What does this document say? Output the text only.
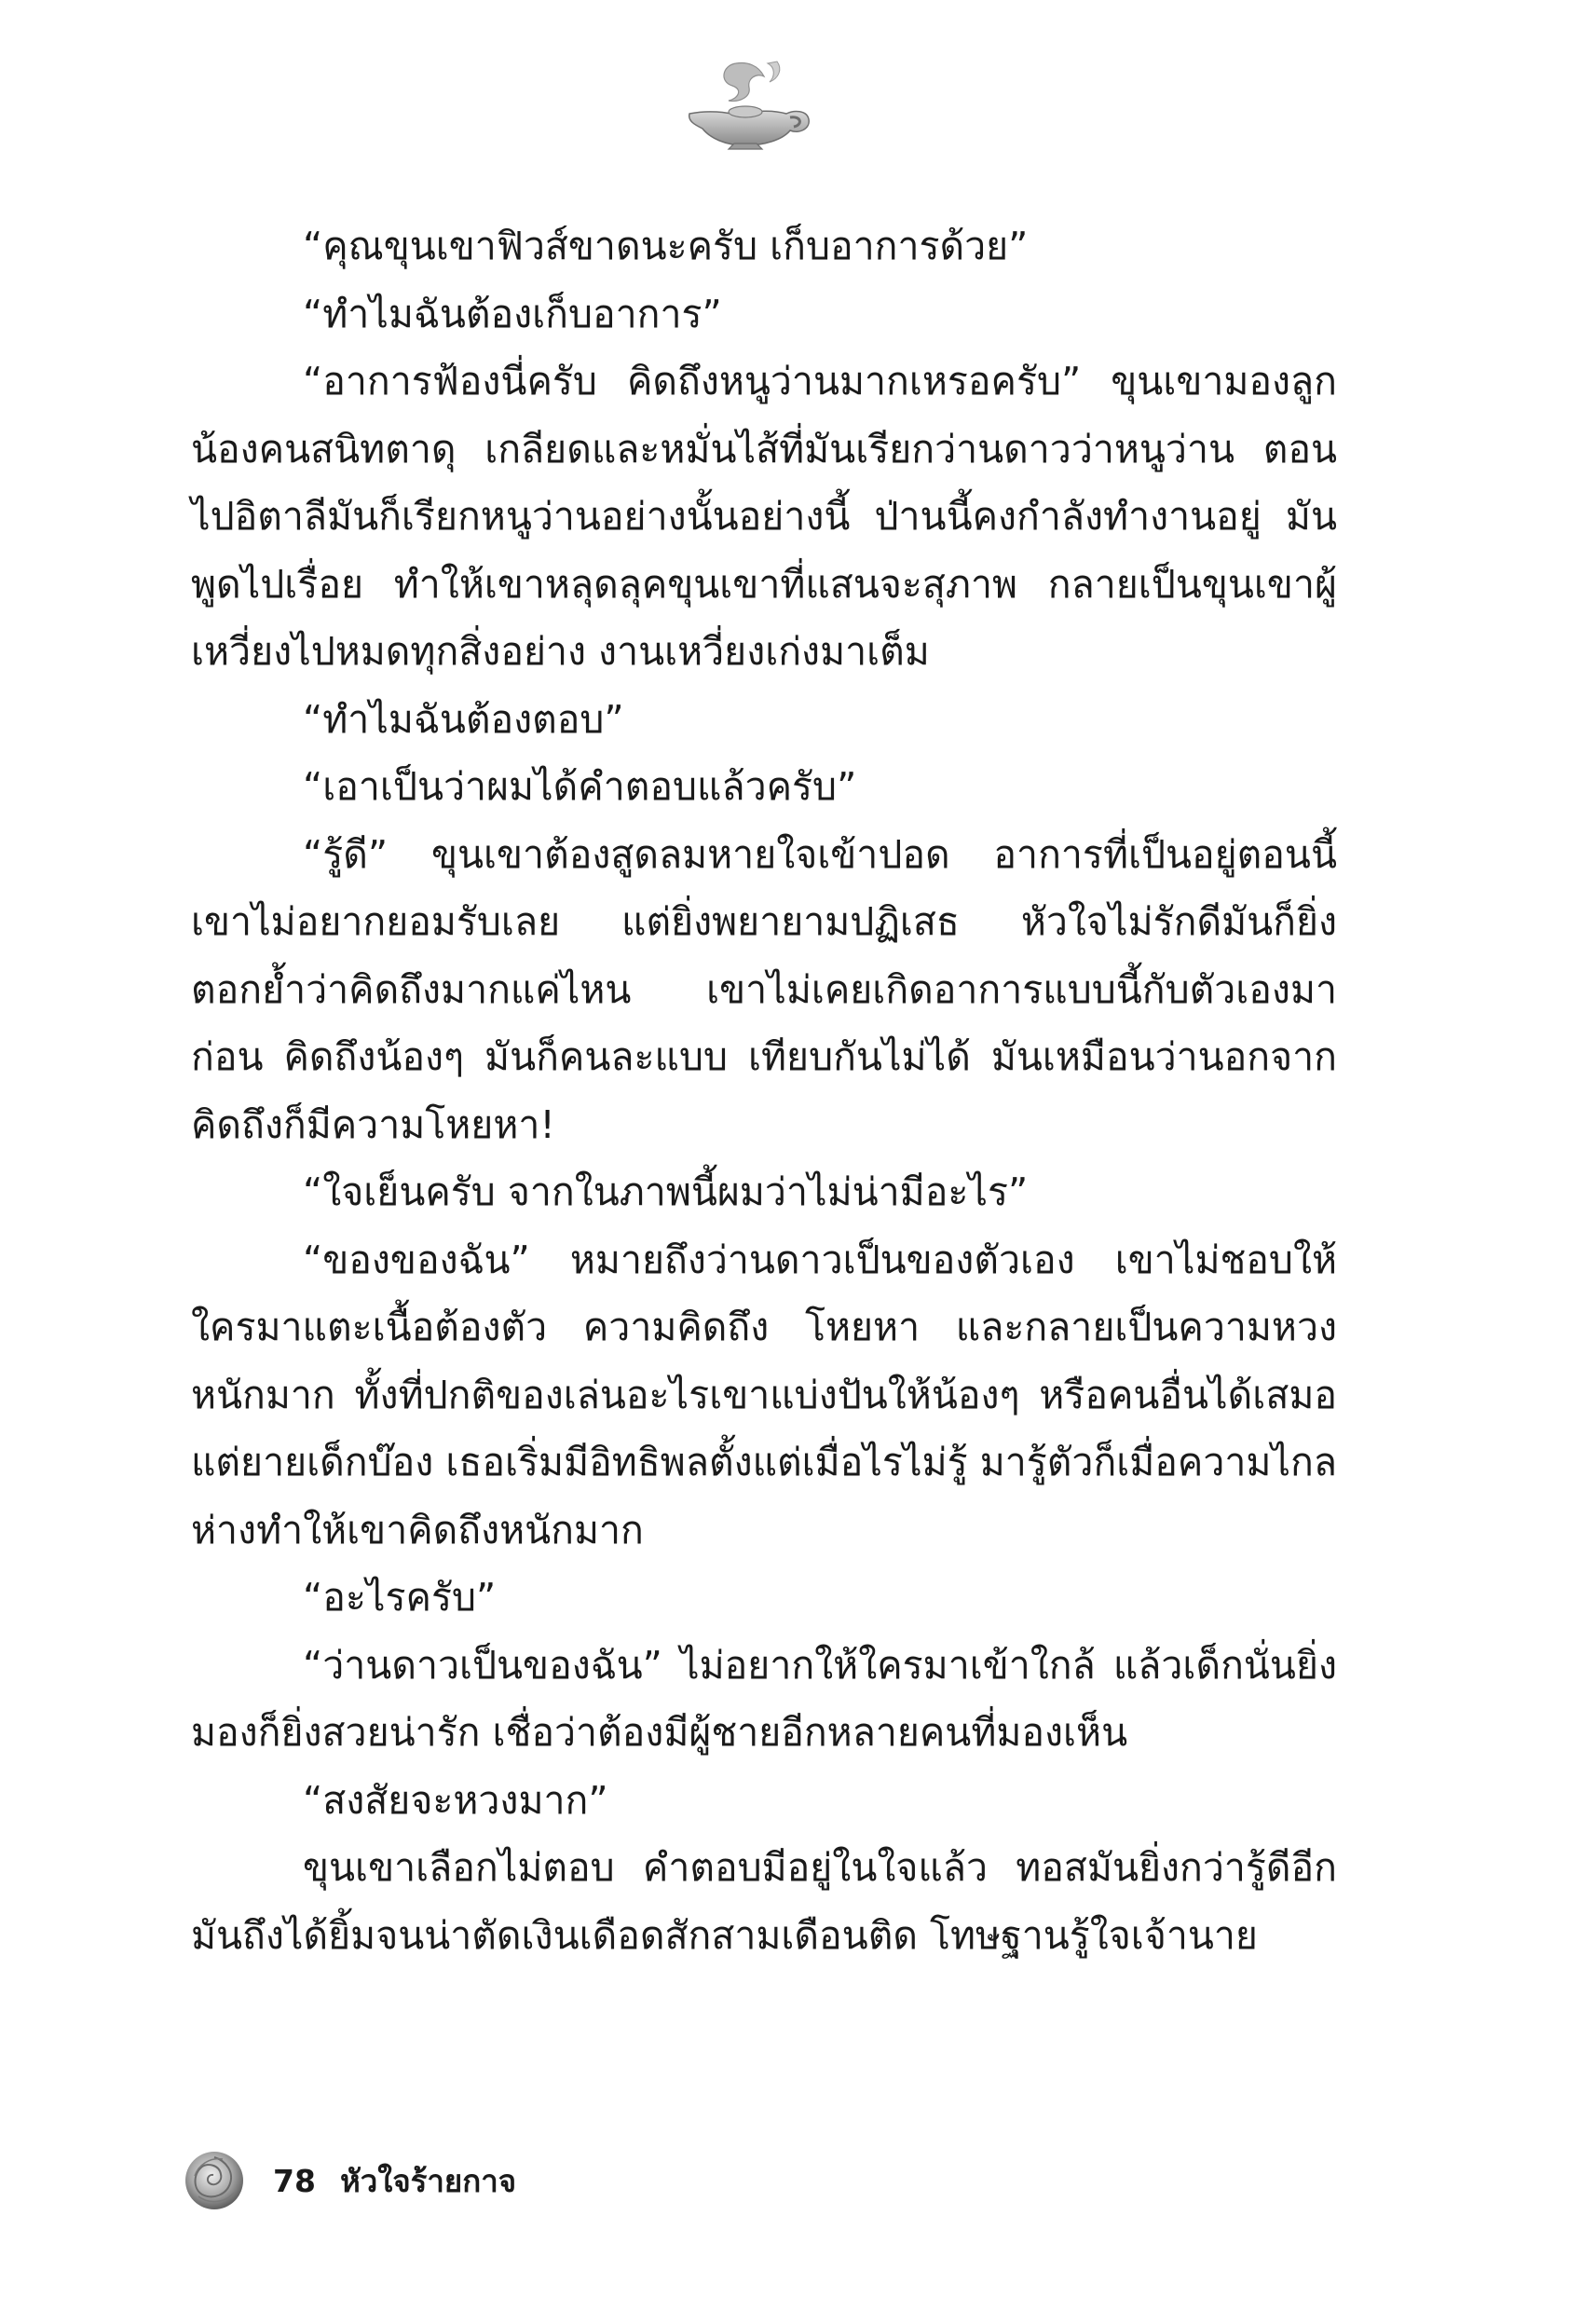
“คุณขุนเขาฟิวส์ขาดนะครับ เก็บอาการด้วย”

“ทำไมฉันต้องเก็บอาการ”

“อาการฟ้องนี่ครับ คิดถึงหนูว่านมากเหรอครับ” ขุนเขามองลูกน้องคนสนิทตาดุ เกลียดและหมั่นไส้ที่มันเรียกว่านดาวว่าหนูว่าน ตอนไปอิตาลีมันก็เรียกหนูว่านอย่างนั้นอย่างนี้ ป่านนี้คงกำลังทำงานอยู่ มันพูดไปเรื่อย ทำให้เขาหลุดลุคขุนเขาที่แสนจะสุภาพ กลายเป็นขุนเขาผู้เหวี่ยงไปหมดทุกสิ่งอย่าง งานเหวี่ยงเก่งมาเต็ม

“ทำไมฉันต้องตอบ”

“เอาเป็นว่าผมได้คำตอบแล้วครับ”

“รู้ดี” ขุนเขาต้องสูดลมหายใจเข้าปอด อาการที่เป็นอยู่ตอนนี้ เขาไม่อยากยอมรับเลย แต่ยิ่งพยายามปฏิเสธ หัวใจไม่รักดีมันก็ยิ่งตอกย้ำว่าคิดถึงมากแค่ไหน เขาไม่เคยเกิดอาการแบบนี้กับตัวเองมาก่อน คิดถึงน้องๆ มันก็คนละแบบ เทียบกันไม่ได้ มันเหมือนว่านอกจากคิดถึงก็มีความโหยหา!

“ใจเย็นครับ จากในภาพนี้ผมว่าไม่น่ามีอะไร”

“ของของฉัน” หมายถึงว่านดาวเป็นของตัวเอง เขาไม่ชอบให้ใครมาแตะเนื้อต้องตัว ความคิดถึง โหยหา และกลายเป็นความหวงหนักมาก ทั้งที่ปกติของเล่นอะไรเขาแบ่งปันให้น้องๆ หรือคนอื่นได้เสมอ แต่ยายเด็กบ๊อง เธอเริ่มมีอิทธิพลตั้งแต่เมื่อไรไม่รู้ มารู้ตัวก็เมื่อความไกลห่างทำให้เขาคิดถึงหนักมาก

“อะไรครับ”

“ว่านดาวเป็นของฉัน” ไม่อยากให้ใครมาเข้าใกล้ แล้วเด็กนั่นยิ่งมองก็ยิ่งสวยน่ารัก เชื่อว่าต้องมีผู้ชายอีกหลายคนที่มองเห็น

“สงสัยจะหวงมาก”

ขุนเขาเลือกไม่ตอบ คำตอบมีอยู่ในใจแล้ว ทอสมันยิ่งกว่ารู้ดีอีก มันถึงได้ยิ้มจนน่าตัดเงินเดือดสักสามเดือนติด โทษฐานรู้ใจเจ้านาย

78 หัวใจร้ายกาจ
